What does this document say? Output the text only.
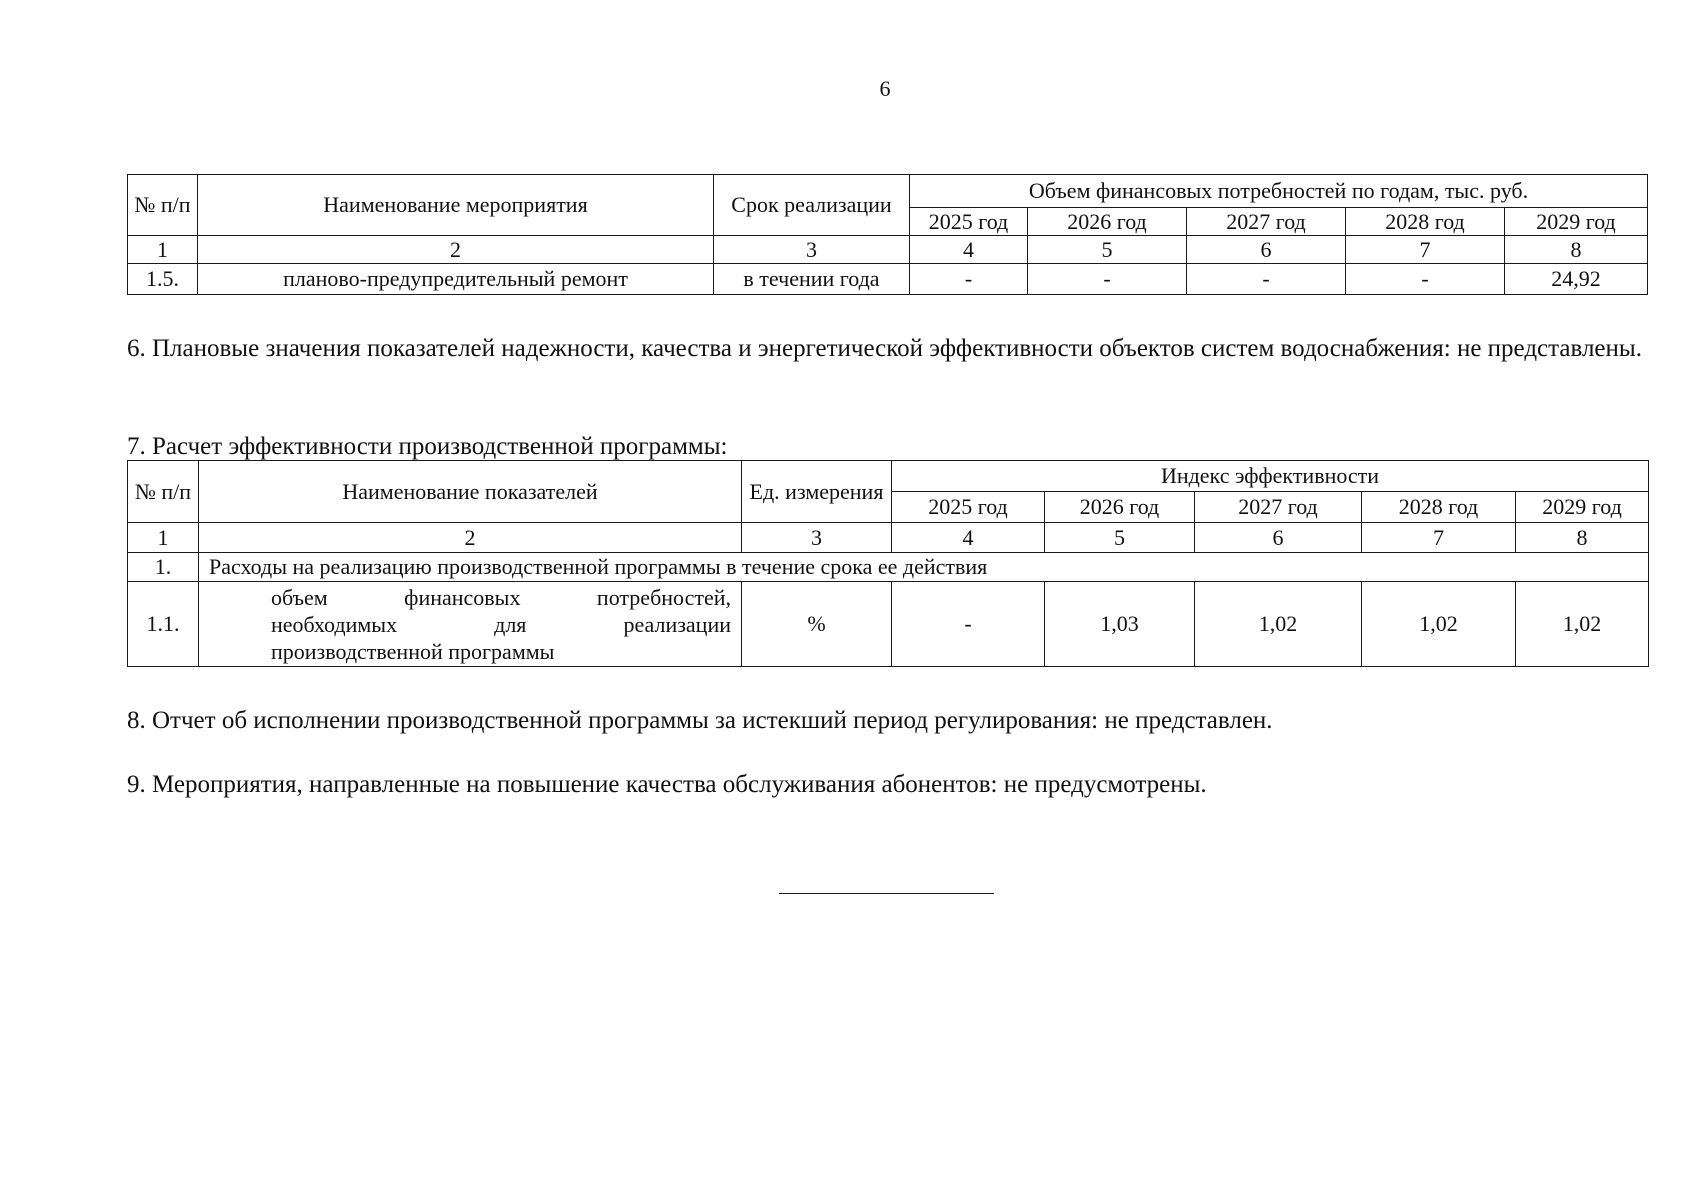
6
№ п/п	Наименование мероприятия	Срок реализации	Объем финансовых потребностей по годам, тыс. руб.				
			2025 год	2026 год	2027 год	2028 год	2029 год
1	2	3	4	5	6	7	8
1.5.	планово-предупредительный ремонт	в течении года	-	-	-	-	24,92
6. Плановые значения показателей надежности, качества и энергетической эффективности объектов систем водоснабжения: не представлены.
7. Расчет эффективности производственной программы:
№ п/п	Наименование показателей	Ед. измерения	Индекс эффективности				
			2025 год	2026 год	2027 год	2028 год	2029 год
1	2	3	4	5	6	7	8
1.	Расходы на реализацию производственной программы в течение срока ее действия						
1.1.	объем финансовых потребностей,
необходимых для реализации
производственной программы	%	-	1,03	1,02	1,02	1,02
8. Отчет об исполнении производственной программы за истекший период регулирования: не представлен.
9. Мероприятия, направленные на повышение качества обслуживания абонентов: не предусмотрены.
